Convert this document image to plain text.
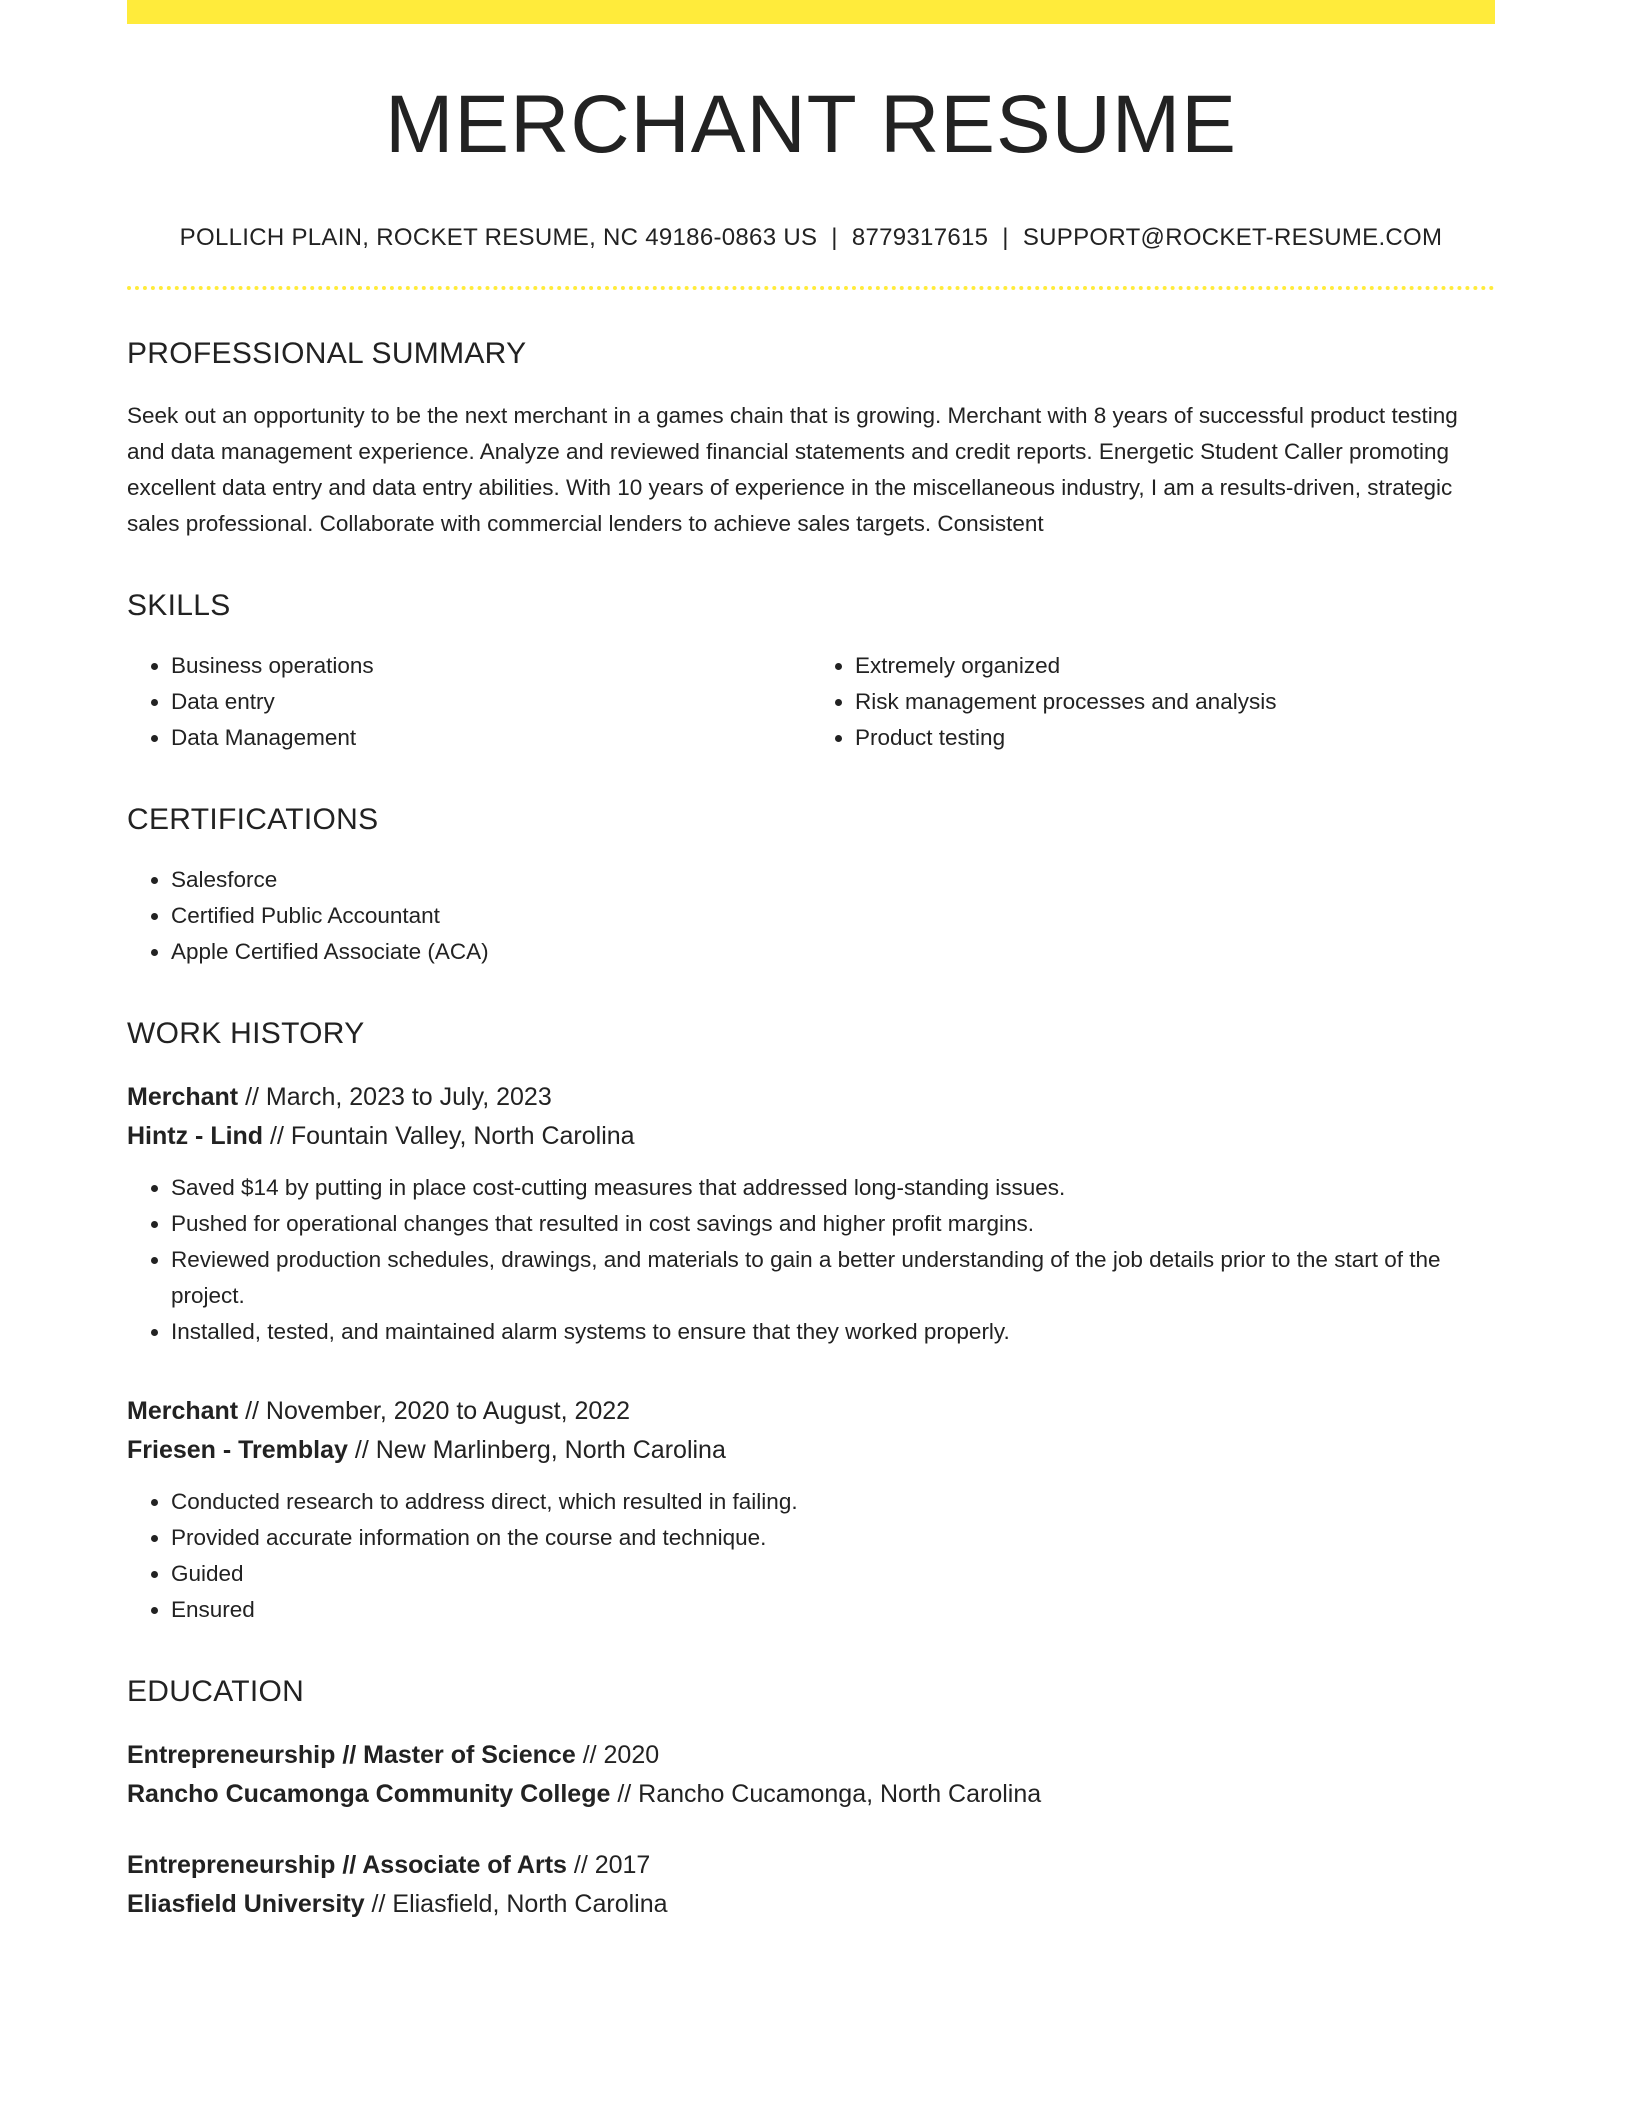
MERCHANT RESUME
POLLICH PLAIN, ROCKET RESUME, NC 49186-0863 US | 8779317615 | SUPPORT@ROCKET-RESUME.COM
PROFESSIONAL SUMMARY
Seek out an opportunity to be the next merchant in a games chain that is growing. Merchant with 8 years of successful product testing and data management experience. Analyze and reviewed financial statements and credit reports. Energetic Student Caller promoting excellent data entry and data entry abilities. With 10 years of experience in the miscellaneous industry, I am a results-driven, strategic sales professional. Collaborate with commercial lenders to achieve sales targets. Consistent
SKILLS
• Business operations
• Data entry
• Data Management
• Extremely organized
• Risk management processes and analysis
• Product testing
CERTIFICATIONS
• Salesforce
• Certified Public Accountant
• Apple Certified Associate (ACA)
WORK HISTORY
Merchant // March, 2023 to July, 2023
Hintz - Lind // Fountain Valley, North Carolina
• Saved $14 by putting in place cost-cutting measures that addressed long-standing issues.
• Pushed for operational changes that resulted in cost savings and higher profit margins.
• Reviewed production schedules, drawings, and materials to gain a better understanding of the job details prior to the start of the project.
• Installed, tested, and maintained alarm systems to ensure that they worked properly.
Merchant // November, 2020 to August, 2022
Friesen - Tremblay // New Marlinberg, North Carolina
• Conducted research to address direct, which resulted in failing.
• Provided accurate information on the course and technique.
• Guided
• Ensured
EDUCATION
Entrepreneurship // Master of Science // 2020
Rancho Cucamonga Community College // Rancho Cucamonga, North Carolina
Entrepreneurship // Associate of Arts // 2017
Eliasfield University // Eliasfield, North Carolina
